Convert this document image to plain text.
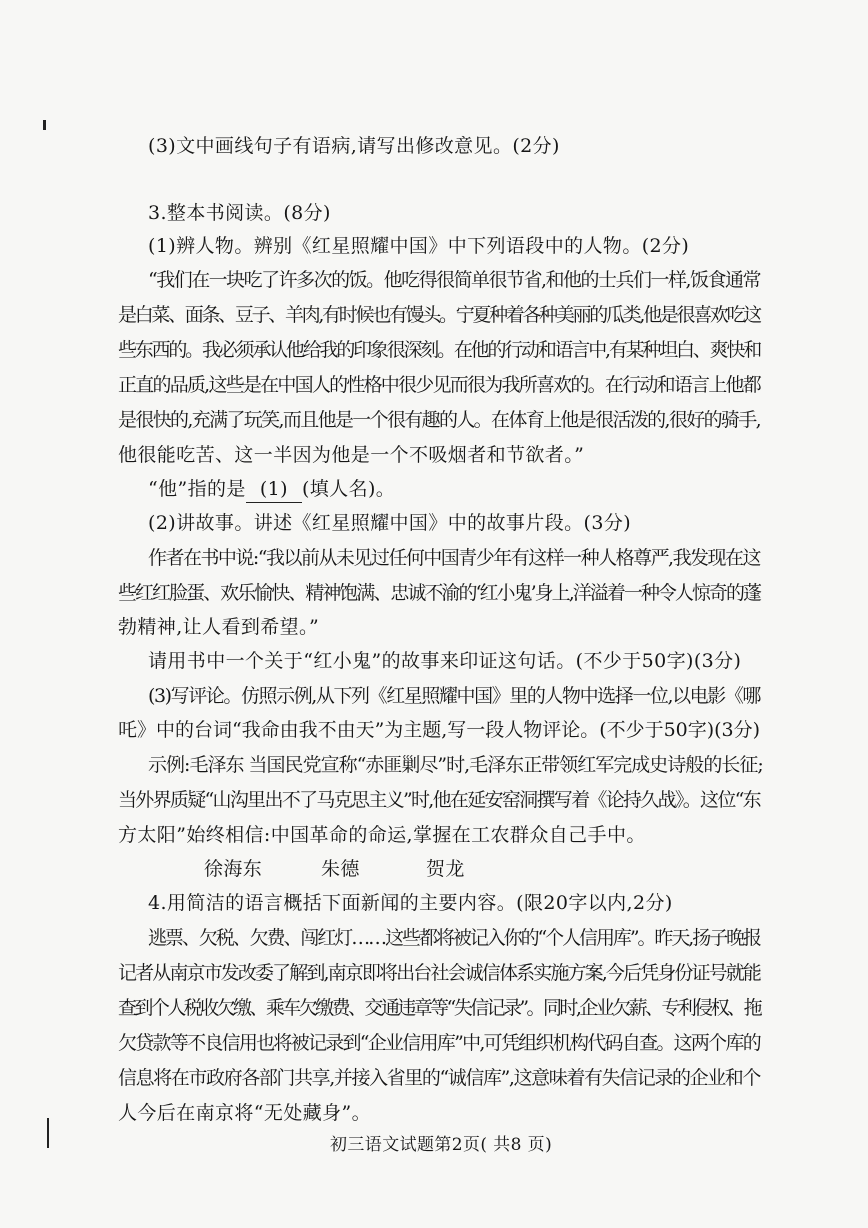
(3)文中画线句子有语病,请写出修改意见。(2分)
3.整本书阅读。(8分)
(1)辨人物。辨别《红星照耀中国》中下列语段中的人物。(2分)
“我们在一块吃了许多次的饭。他吃得很简单很节省,和他的士兵们一样,饭食通常
是白菜、面条、豆子、羊肉,有时候也有馒头。宁夏种着各种美丽的瓜类,他是很喜欢吃这
些东西的。我必须承认他给我的印象很深刻。在他的行动和语言中,有某种坦白、爽快和
正直的品质,这些是在中国人的性格中很少见而很为我所喜欢的。在行动和语言上他都
是很快的,充满了玩笑,而且他是一个很有趣的人。在体育上他是很活泼的,很好的骑手,
他很能吃苦、这一半因为他是一个不吸烟者和节欲者。”
“他”指的是 (1) (填人名)。
(2)讲故事。讲述《红星照耀中国》中的故事片段。(3分)
作者在书中说:“我以前从未见过任何中国青少年有这样一种人格尊严,我发现在这
些红红脸蛋、欢乐愉快、精神饱满、忠诚不渝的‘红小鬼’身上,洋溢着一种令人惊奇的蓬
勃精神,让人看到希望。”
请用书中一个关于“红小鬼”的故事来印证这句话。(不少于50字)(3分)
(3)写评论。仿照示例,从下列《红星照耀中国》里的人物中选择一位,以电影《哪
吒》中的台词“我命由我不由天”为主题,写一段人物评论。(不少于50字)(3分)
示例:毛泽东 当国民党宣称“赤匪剿尽”时,毛泽东正带领红军完成史诗般的长征;
当外界质疑“山沟里出不了马克思主义”时,他在延安窑洞撰写着《论持久战》。这位“东
方太阳”始终相信:中国革命的命运,掌握在工农群众自己手中。
徐海东	朱德	贺龙
4.用简洁的语言概括下面新闻的主要内容。(限20字以内,2分)
逃票、欠税、欠费、闯红灯……这些都将被记入你的“个人信用库”。昨天,扬子晚报
记者从南京市发改委了解到,南京即将出台社会诚信体系实施方案,今后凭身份证号就能
查到个人税收欠缴、乘车欠缴费、交通违章等“失信记录”。同时,企业欠薪、专利侵权、拖
欠贷款等不良信用也将被记录到“企业信用库”中,可凭组织机构代码自查。这两个库的
信息将在市政府各部门共享,并接入省里的“诚信库”,这意味着有失信记录的企业和个
人今后在南京将“无处藏身”。
初三语文试题第2页( 共8 页)
